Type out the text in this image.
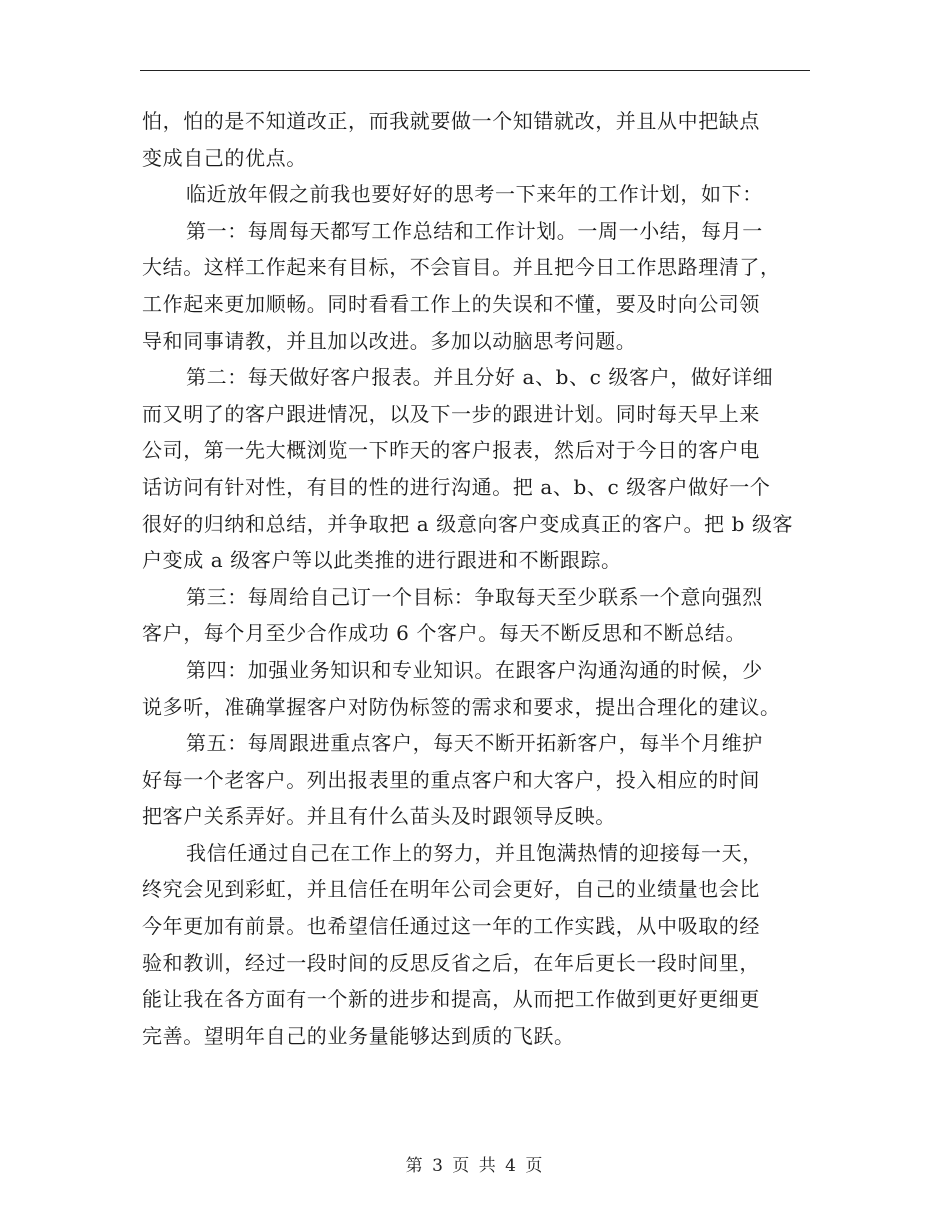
怕，怕的是不知道改正，而我就要做一个知错就改，并且从中把缺点
变成自己的优点。
临近放年假之前我也要好好的思考一下来年的工作计划，如下：
第一：每周每天都写工作总结和工作计划。一周一小结，每月一
大结。这样工作起来有目标，不会盲目。并且把今日工作思路理清了，
工作起来更加顺畅。同时看看工作上的失误和不懂，要及时向公司领
导和同事请教，并且加以改进。多加以动脑思考问题。
第二：每天做好客户报表。并且分好 a、b、c 级客户，做好详细
而又明了的客户跟进情况，以及下一步的跟进计划。同时每天早上来
公司，第一先大概浏览一下昨天的客户报表，然后对于今日的客户电
话访问有针对性，有目的性的进行沟通。把 a、b、c 级客户做好一个
很好的归纳和总结，并争取把 a 级意向客户变成真正的客户。把 b 级客
户变成 a 级客户等以此类推的进行跟进和不断跟踪。
第三：每周给自己订一个目标：争取每天至少联系一个意向强烈
客户，每个月至少合作成功 6 个客户。每天不断反思和不断总结。
第四：加强业务知识和专业知识。在跟客户沟通沟通的时候，少
说多听，准确掌握客户对防伪标签的需求和要求，提出合理化的建议。
第五：每周跟进重点客户，每天不断开拓新客户，每半个月维护
好每一个老客户。列出报表里的重点客户和大客户，投入相应的时间
把客户关系弄好。并且有什么苗头及时跟领导反映。
我信任通过自己在工作上的努力，并且饱满热情的迎接每一天，
终究会见到彩虹，并且信任在明年公司会更好，自己的业绩量也会比
今年更加有前景。也希望信任通过这一年的工作实践，从中吸取的经
验和教训，经过一段时间的反思反省之后，在年后更长一段时间里，
能让我在各方面有一个新的进步和提高，从而把工作做到更好更细更
完善。望明年自己的业务量能够达到质的飞跃。
第 3 页 共 4 页
